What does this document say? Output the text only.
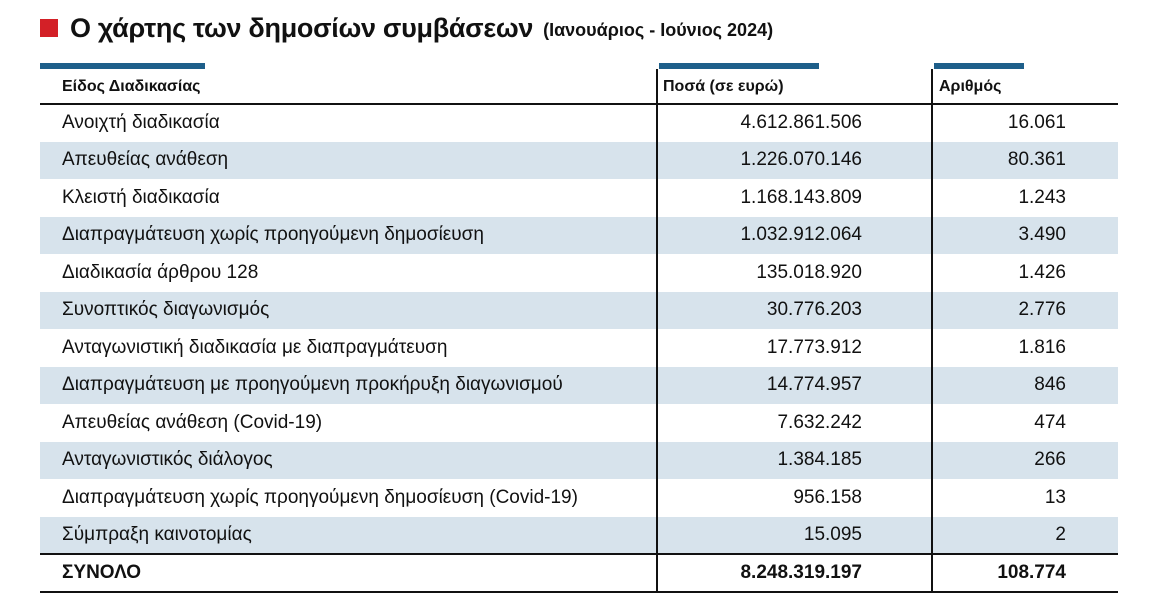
Ο χάρτης των δημοσίων συμβάσεων (Ιανουάριος - Ιούνιος 2024)
Είδος Διαδικασίας	Ποσά (σε ευρώ)	Αριθμός
Ανοιχτή διαδικασία	4.612.861.506	16.061
Απευθείας ανάθεση	1.226.070.146	80.361
Κλειστή διαδικασία	1.168.143.809	1.243
Διαπραγμάτευση χωρίς προηγούμενη δημοσίευση	1.032.912.064	3.490
Διαδικασία άρθρου 128	135.018.920	1.426
Συνοπτικός διαγωνισμός	30.776.203	2.776
Ανταγωνιστική διαδικασία με διαπραγμάτευση	17.773.912	1.816
Διαπραγμάτευση με προηγούμενη προκήρυξη διαγωνισμού	14.774.957	846
Απευθείας ανάθεση (Covid-19)	7.632.242	474
Ανταγωνιστικός διάλογος	1.384.185	266
Διαπραγμάτευση χωρίς προηγούμενη δημοσίευση (Covid-19)	956.158	13
Σύμπραξη καινοτομίας	15.095	2
ΣΥΝΟΛΟ	8.248.319.197	108.774
